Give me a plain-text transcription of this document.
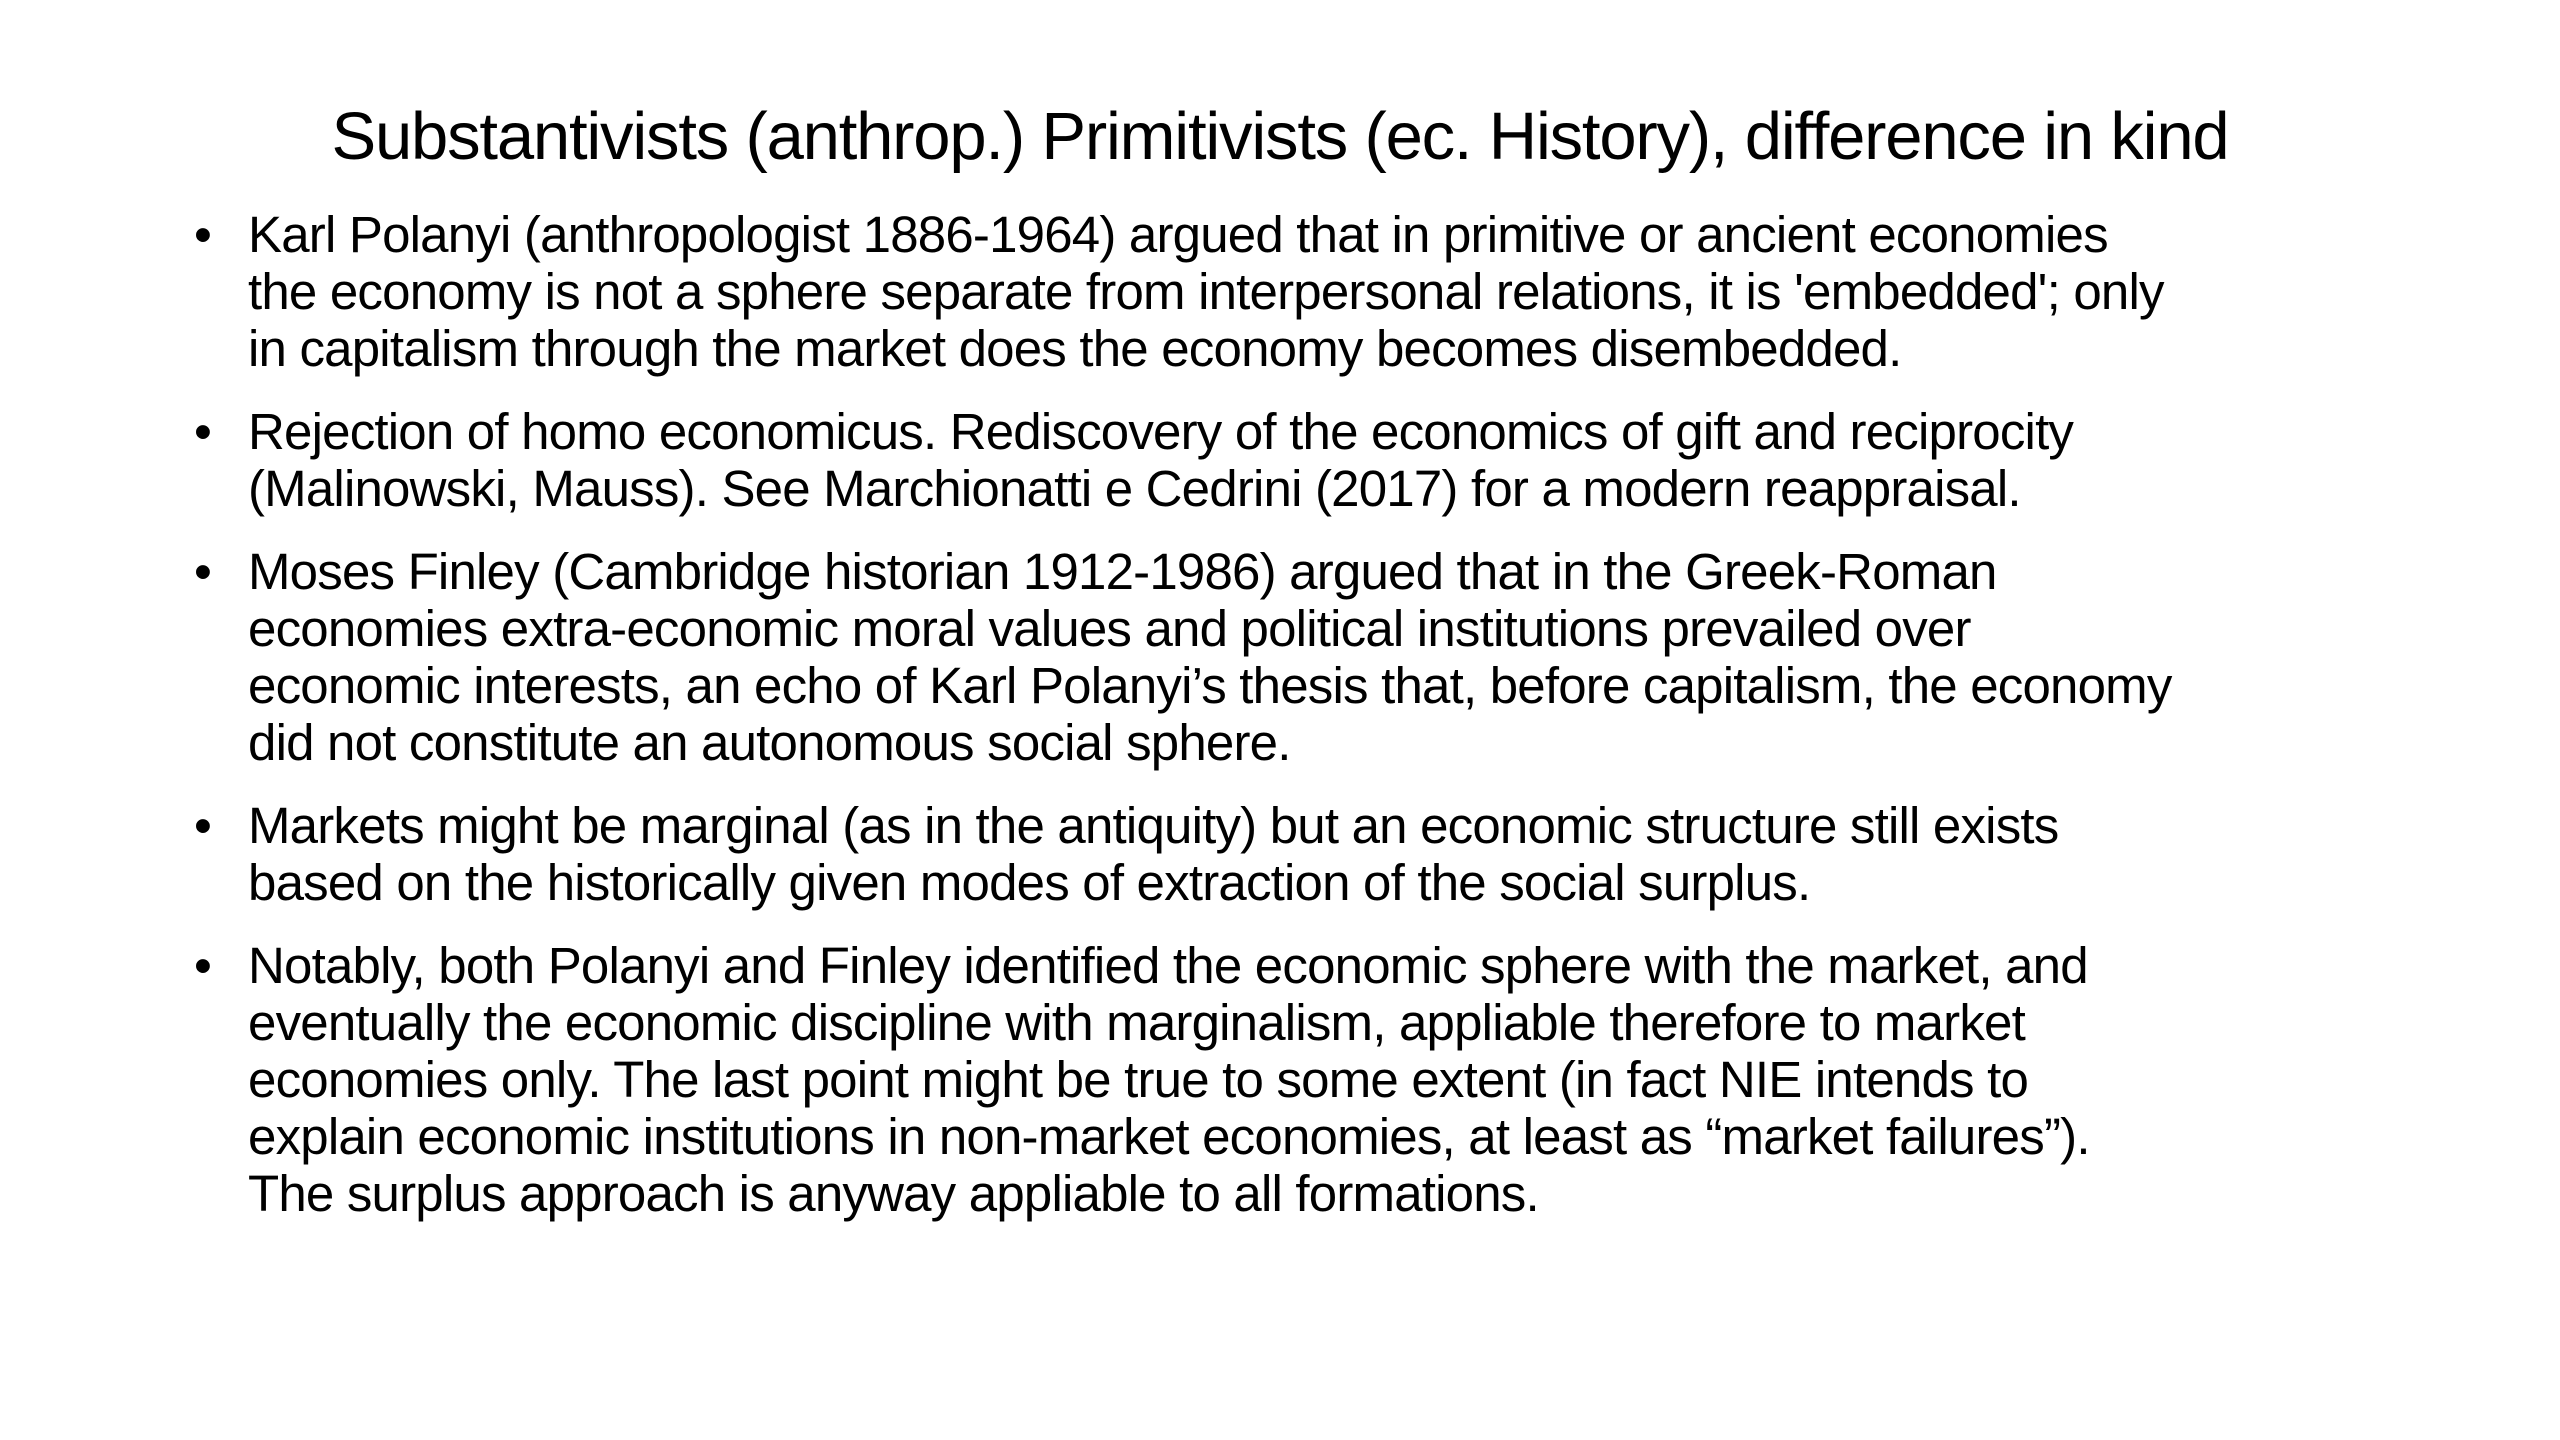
Substantivists (anthrop.) Primitivists (ec. History), difference in kind
• Karl Polanyi (anthropologist 1886-1964) argued that in primitive or ancient economies
the economy is not a sphere separate from interpersonal relations, it is 'embedded'; only
in capitalism through the market does the economy becomes disembedded.
• Rejection of homo economicus. Rediscovery of the economics of gift and reciprocity
(Malinowski, Mauss). See Marchionatti e Cedrini (2017) for a modern reappraisal.
• Moses Finley (Cambridge historian 1912-1986) argued that in the Greek-Roman
economies extra-economic moral values and political institutions prevailed over
economic interests, an echo of Karl Polanyi’s thesis that, before capitalism, the economy
did not constitute an autonomous social sphere.
• Markets might be marginal (as in the antiquity) but an economic structure still exists
based on the historically given modes of extraction of the social surplus.
• Notably, both Polanyi and Finley identified the economic sphere with the market, and
eventually the economic discipline with marginalism, appliable therefore to market
economies only. The last point might be true to some extent (in fact NIE intends to
explain economic institutions in non-market economies, at least as “market failures”).
The surplus approach is anyway appliable to all formations.
